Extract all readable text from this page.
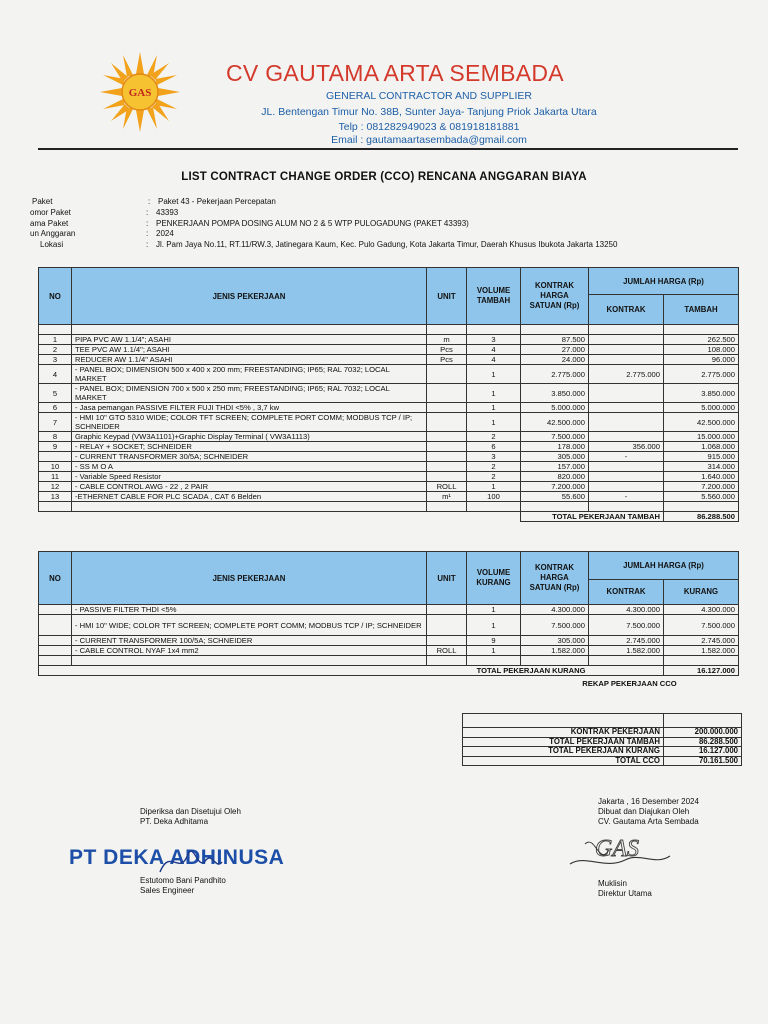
GAS
CV GAUTAMA ARTA SEMBADA
GENERAL CONTRACTOR AND SUPPLIER
JL. Bentengan Timur No. 38B, Sunter Jaya- Tanjung Priok Jakarta Utara
Telp : 081282949023 & 081918181881
Email : gautamaartasembada@gmail.com
LIST CONTRACT CHANGE ORDER (CCO) RENCANA ANGGARAN BIAYA
Paket	: Paket 43 - Pekerjaan Percepatan
omor Paket	: 43393
ama Paket	: PENKERJAAN POMPA DOSING ALUM NO 2 & 5 WTP PULOGADUNG (PAKET 43393)
un Anggaran	: 2024
Lokasi	: Jl. Pam Jaya No.11, RT.11/RW.3, Jatinegara Kaum, Kec. Pulo Gadung, Kota Jakarta Timur, Daerah Khusus Ibukota Jakarta 13250
NO	JENIS PEKERJAAN	UNIT	VOLUME TAMBAH	KONTRAK HARGA SATUAN (Rp)	JUMLAH HARGA (Rp)	
					KONTRAK	TAMBAH

1	PIPA PVC AW 1.1/4"; ASAHI	m	3	87.500		262.500
2	TEE PVC AW 1.1/4"; ASAHI	Pcs	4	27.000		108.000
3	REDUCER AW 1.1/4" ASAHI	Pcs	4	24.000		96.000
4	- PANEL BOX; DIMENSION 500 x 400 x 200 mm; FREESTANDING; IP65; RAL 7032; LOCAL MARKET		1	2.775.000	2.775.000	2.775.000
5	- PANEL BOX; DIMENSION 700 x 500 x 250 mm; FREESTANDING; IP65; RAL 7032; LOCAL MARKET		1	3.850.000		3.850.000
6	- Jasa pemangan PASSIVE FILTER FUJI THDI <5% , 3,7 kw		1	5.000.000		5.000.000
7	- HMI 10" GTO 5310 WIDE; COLOR TFT SCREEN; COMPLETE PORT COMM; MODBUS TCP / IP; SCHNEIDER		1	42.500.000		42.500.000
8	Graphic Keypad (VW3A1101)+Graphic Display Terminal ( VW3A1113)		2	7.500.000		15.000.000
9	- RELAY + SOCKET; SCHNEIDER		6	178.000	356.000	1.068.000
	- CURRENT TRANSFORMER 30/5A; SCHNEIDER		3	305.000	-	915.000
10	- SS M O A		2	157.000		314.000
11	- Variable Speed Resistor		2	820.000		1.640.000
12	- CABLE CONTROL AWG - 22 , 2 PAIR	ROLL	1	7.200.000		7.200.000
13	-ETHERNET CABLE FOR PLC SCADA , CAT 6 Belden	m¹	100	55.600	-	5.560.000

				TOTAL PEKERJAAN TAMBAH		86.288.500
NO	JENIS PEKERJAAN	UNIT	VOLUME KURANG	KONTRAK HARGA SATUAN (Rp)	JUMLAH HARGA (Rp)	
					KONTRAK	KURANG
	- PASSIVE FILTER THDI <5%		1	4.300.000	4.300.000	4.300.000
	- HMI 10" WIDE; COLOR TFT SCREEN; COMPLETE PORT COMM; MODBUS TCP / IP; SCHNEIDER		1	7.500.000	7.500.000	7.500.000
	- CURRENT TRANSFORMER 100/5A; SCHNEIDER		9	305.000	2.745.000	2.745.000
	- CABLE CONTROL NYAF 1x4 mm2	ROLL	1	1.582.000	1.582.000	1.582.000

TOTAL PEKERJAAN KURANG						16.127.000
				REKAP PEKERJAAN CCO		

KONTRAK PEKERJAAN	200.000.000
TOTAL PEKERJAAN TAMBAH	86.288.500
TOTAL PEKERJAAN KURANG	16.127.000
TOTAL CCO	70.161.500
Diperiksa dan Disetujui Oleh
PT. Deka Adhitama
PT DEKA ADHINUSA
Estutomo Bani Pandhito
Sales Engineer
Jakarta , 16 Desember 2024
Dibuat dan Diajukan Oleh
CV. Gautama Arta Sembada
GAS
Muklisin
Direktur Utama
